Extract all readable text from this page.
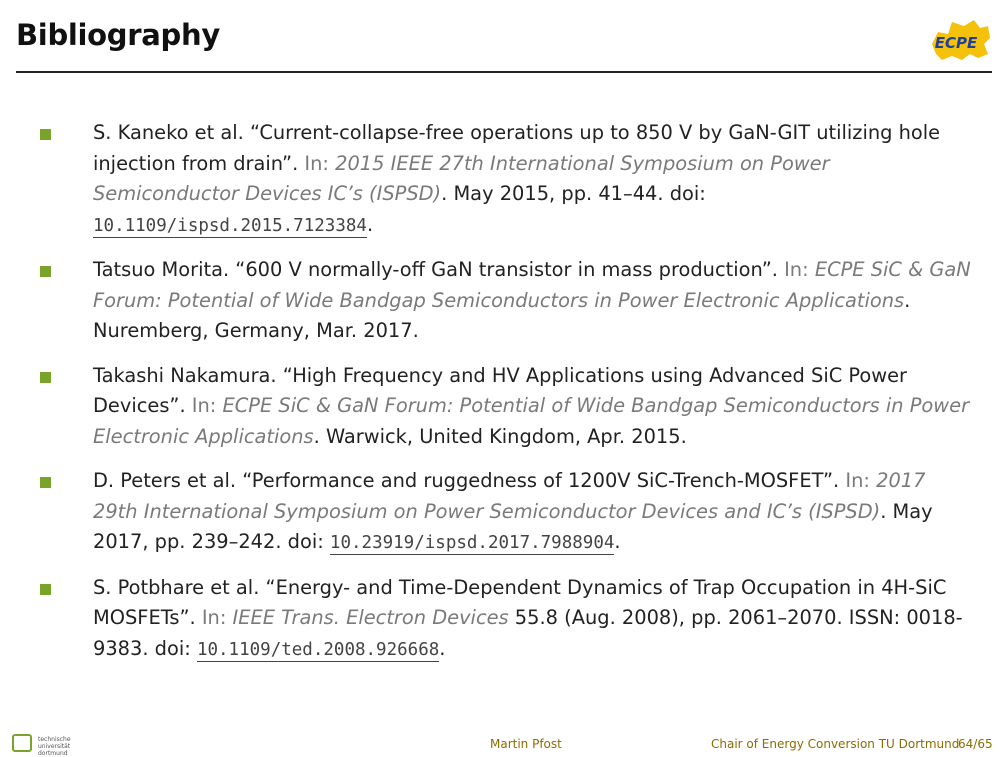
Bibliography	ECPE
S. Kaneko et al. “Current-collapse-free operations up to 850 V by GaN-GIT utilizing hole injection from drain”. In: 2015 IEEE 27th International Symposium on Power Semiconductor Devices IC’s (ISPSD). May 2015, pp. 41–44. doi: 10.1109/ispsd.2015.7123384.
Tatsuo Morita. “600 V normally-off GaN transistor in mass production”. In: ECPE SiC & GaN Forum: Potential of Wide Bandgap Semiconductors in Power Electronic Applications. Nuremberg, Germany, Mar. 2017.
Takashi Nakamura. “High Frequency and HV Applications using Advanced SiC Power Devices”. In: ECPE SiC & GaN Forum: Potential of Wide Bandgap Semiconductors in Power Electronic Applications. Warwick, United Kingdom, Apr. 2015.
D. Peters et al. “Performance and ruggedness of 1200V SiC-Trench-MOSFET”. In: 2017 29th International Symposium on Power Semiconductor Devices and IC’s (ISPSD). May 2017, pp. 239–242. doi: 10.23919/ispsd.2017.7988904.
S. Potbhare et al. “Energy- and Time-Dependent Dynamics of Trap Occupation in 4H-SiC MOSFETs”. In: IEEE Trans. Electron Devices 55.8 (Aug. 2008), pp. 2061–2070. ISSN: 0018-9383. doi: 10.1109/ted.2008.926668.
technische universität dortmund
Martin Pfost	Chair of Energy Conversion TU Dortmund
64/65
